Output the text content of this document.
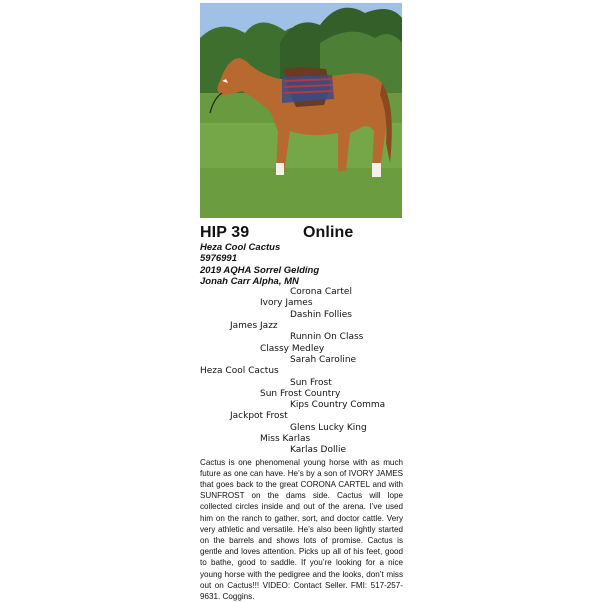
HIP 39	Online
Heza Cool Cactus
5976991
2019 AQHA Sorrel Gelding
Jonah Carr Alpha, MN
Corona Cartel
Ivory James
Dashin Follies
James Jazz
Runnin On Class
Classy Medley
Sarah Caroline
Heza Cool Cactus
Sun Frost
Sun Frost Country
Kips Country Comma
Jackpot Frost
Glens Lucky King
Miss Karlas
Karlas Dollie
Cactus is one phenomenal young horse with as much future as one can have. He’s by a son of IVORY JAMES that goes back to the great CORONA CARTEL and with SUNFROST on the dams side. Cactus will lope collected circles inside and out of the arena. I’ve used him on the ranch to gather, sort, and doctor cattle. Very very athletic and versatile. He’s also been lightly started on the barrels and shows lots of promise. Cactus is gentle and loves attention. Picks up all of his feet, good to bathe, good to saddle. If you’re looking for a nice young horse with the pedigree and the looks, don’t miss out on Cactus!!! VIDEO: Contact Seller. FMI: 517-257-9631. Coggins.
